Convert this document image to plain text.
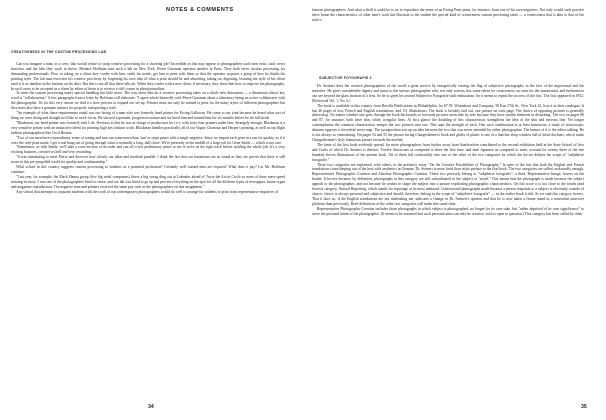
NOTES & COMMENTS
CREATIVENESS IN THE CUSTOM PROCESSING LAB

Can you imagine a man, or a crew, that would refuse to swap creative processing for a shooting job? Incredible as this may appear to photographers such men exist, such crews function, and the labs they work in thrive. Bernard Hoffman runs such a lab on New York. Pierre Gassman operates another in Paris. They both serve custom processing for demanding professionals. Prior to taking on a client they confer with him, study his needs, get him to print with them so that the operator acquires a grasp of how he thinks his printing style. The lab man exercises his creative proclivity by forgetting his own idea of what a print should be and absorbing, taking on, digesting, learning the style of his client until it is as familiar as the buttons on his shirt. But this is not all that these labs do. When they confer with a new client, if necessary, they show him how to improve his photography. In such cases to be accepted as a client by either of them is to receive a stiff course in photojournalism.

To meet the custom processing man's special handling but little more. The way these labs do it creative processing takes on a whole new dimension — a dimension whose key word is "collaboration." A few paragraphs from a letter by Hoffman will elaborate: "I agree whole-heartedly with Pierre Gassman about a laboratory being an active collaborator with the photographer. It's for this very reason we find it a slow process to expand our set-up. Printers must not only be trained to print for the many styles of different photographers but they must also have a genuine instinct for properly interpreting a style.

"An example of what these requirements entail was our hiring of a man who was formerly head printer for Ewing Galloway. He came to our joint because he heard what sort of thing we were doing and thought he'd like to work for us. He showed a genuine, progressive nature and we hired him and trained him for six months before he hit full stride.

"Blackman, our head printer was formerly with Life. Previous to that he was in charge of production for i.e.v. with forty-four printers under him. Strangely enough, Blackman is a very sensitive printer with an instinctive talent for printing high key fashion work. Blackman handles practically all of our Vogue, Glamour and Harper's printing, as well as top flight fashion photographers like Cecil Beaton.

"Two of our men have extraordinary sense of toning and turn out some marvelous 'sun' or sepia prints with a single negative. Since we import each print in a run for quality, as if it were the only print made, I get a real bang out of going through what is normally a long, dull chore. We're presently in the middle of a large job for Gene Smith — which is not rare.

"Sometimes, as with Smith, we'll take a cross-section of an order and run off a few preliminary prints to see if we're on the right track before tackling the whole job. It's a very exciting business, creative as hell and very rewarding.

"It was stimulating to meet Pierre and discover how closely our ideas and methods parallel. I think the fact that our businesses are as sound as they are proves that there is still room in this pre-propelled world for quality and craftsmanship."

What school in this country suggests custom processing to students as a potential profession? Certainly well trained men are required. What does it pay? Let Mr. Hoffman continue:

"Last year, for example, the Mack Hanna group (five big retail companies) threw a big swing ding out at Labrador ahead of 'Arriv the Arctic Circle so none of those mere speed missing territory. I was one of the photographers hired to shoot, and our lab was hired to go up and process everything on the spot for all the different types of newspaper, house organ and magazine reproduction. The negative man and printers received the same pay such as the photographers on this assignment."

Any school that attempts to acquaint students with the work of top contemporary photographers would do well to arrange for students to print from representative negatives of

34

famous photographers. And what a thrill it could be to try to reproduce the sense of an Ewing Print-point, for instance, from one of his own negatives. Not only would such practice drive home the characteristics of other men's work but illustrate to the student the special kind of creativeness custom processing takes — a creativeness that is akin to that of the actor's.

SUBJECTIVE FOTOGRAFIE 2

Dr. Steinert does the creative photographers of the world a great service by energetically waving the flag of subjective photography in the face of the impersonal and the imitative. He gives considerable dignity and status to the serious photographer who, not only serious, has some talent for creativeness, no taste for the sentimental, and furthermore can see beyond the glass horizon of a lens. So let us greet his second Subjective Fotografie with enthusiasm, for it seems to repeat the success of the first. The first appeared in 1952. [Reviewed Vol. 1, No. 6.]

The book is available in this country from Ravelle Publications in Philadelphia, for $7.95. Wittenborn and Company, 38 East 57th St., New York 22, lists it in their catalogue. It has 46 pages of text, French and English translations, and 111 illustrations. The book is lavishly laid out, one picture on each page. The choice of opposing pictures is generally distressing. No matter whether one goes through the book backwards or forwards pictures seem side by side because they have similar elements in disturbing. The two on pages 86 and 87, for instance, both have thin, white, irregular lines. At first glance the doubling of this characteristic strengthens the idea of the thin and nervous line. Yet longer contemplation the common characteristic merges the two pictures into one. This saps the strength of each. One such combination is at least humorous: a study of microscopic diatoms opposes a cloverleaf street map. The juxtaposition sets up an idea between the two that was never intended by either photographer. The humor of it is the editor talking. He is not always so entertaining. On pages 54 and 55 the picture facing Chargesheimer's book and glides of plastic is one of a thatcher shop-window full of dead chickens, which taints Chargesheimer's slyly humorous picture towards the morbid.

The fame of the first book evidently spread, for more photographers from further away from Saarbrucken contributed to the second exhibition held at the State School of Arts and Crafts of which Dr. Steinert is director. Twelve Americans as compared to three the first time, and nine Japanese as compared to none, account for twenty three of the one hundred eleven illustrations of the present book. All of them fall comfortably into one or the other of the two categories by which the doctor defines the scope of "subjektive fotografie."

These two categories are explained, with others, in the prefatory essay "On the Creative Possibilities of Photography." In spite of the fact that both the English and French translations come limping out of the host with aesthetics in German, Dr. Steinert is more lucid than in his preface to the first book. The two categories are called, awkwardly enough, Representative Photographic Creation and Absolute Photographic Creation. These two precisely belong to "subjektive fotografie"; a third, Representative Image, hovers on the border. It hovers because, by definition, photographs in this category are still subordinated to the subject or "motif." This means that the photograph is made because the subject appeals to the photographer, and not because he wishes to shape the subject into a picture explicating photographic characteristics. On this score it is too close to the fourth (and lowest) category, Natural Reporting, which stands for reportage at its most unbiased. Confessional photographs made because a person responds to a subject is obviously outside of choice; choice is always personal and subjective and should, therefore, belong in the scope of "subjektive fotografie" — in the earlier book it did. As we said this category hovers. That it does so, if the English translations are not misleading me, indicates a change in Dr. Steinert's opinion and that he is now taken a firmer stand as a somewhat narrower platform than previously. Brief definitions of the other two categories will make this stand clear.

Representative Photographic Creation includes those photographs in which subject is photographed, no longer for its own sake, but "rather deprived of its own significance" to serve the personal intent of the photographer. (It seems to be assumed that such personal aims can only be creative; such is open to question.) This category has been called by other

35
